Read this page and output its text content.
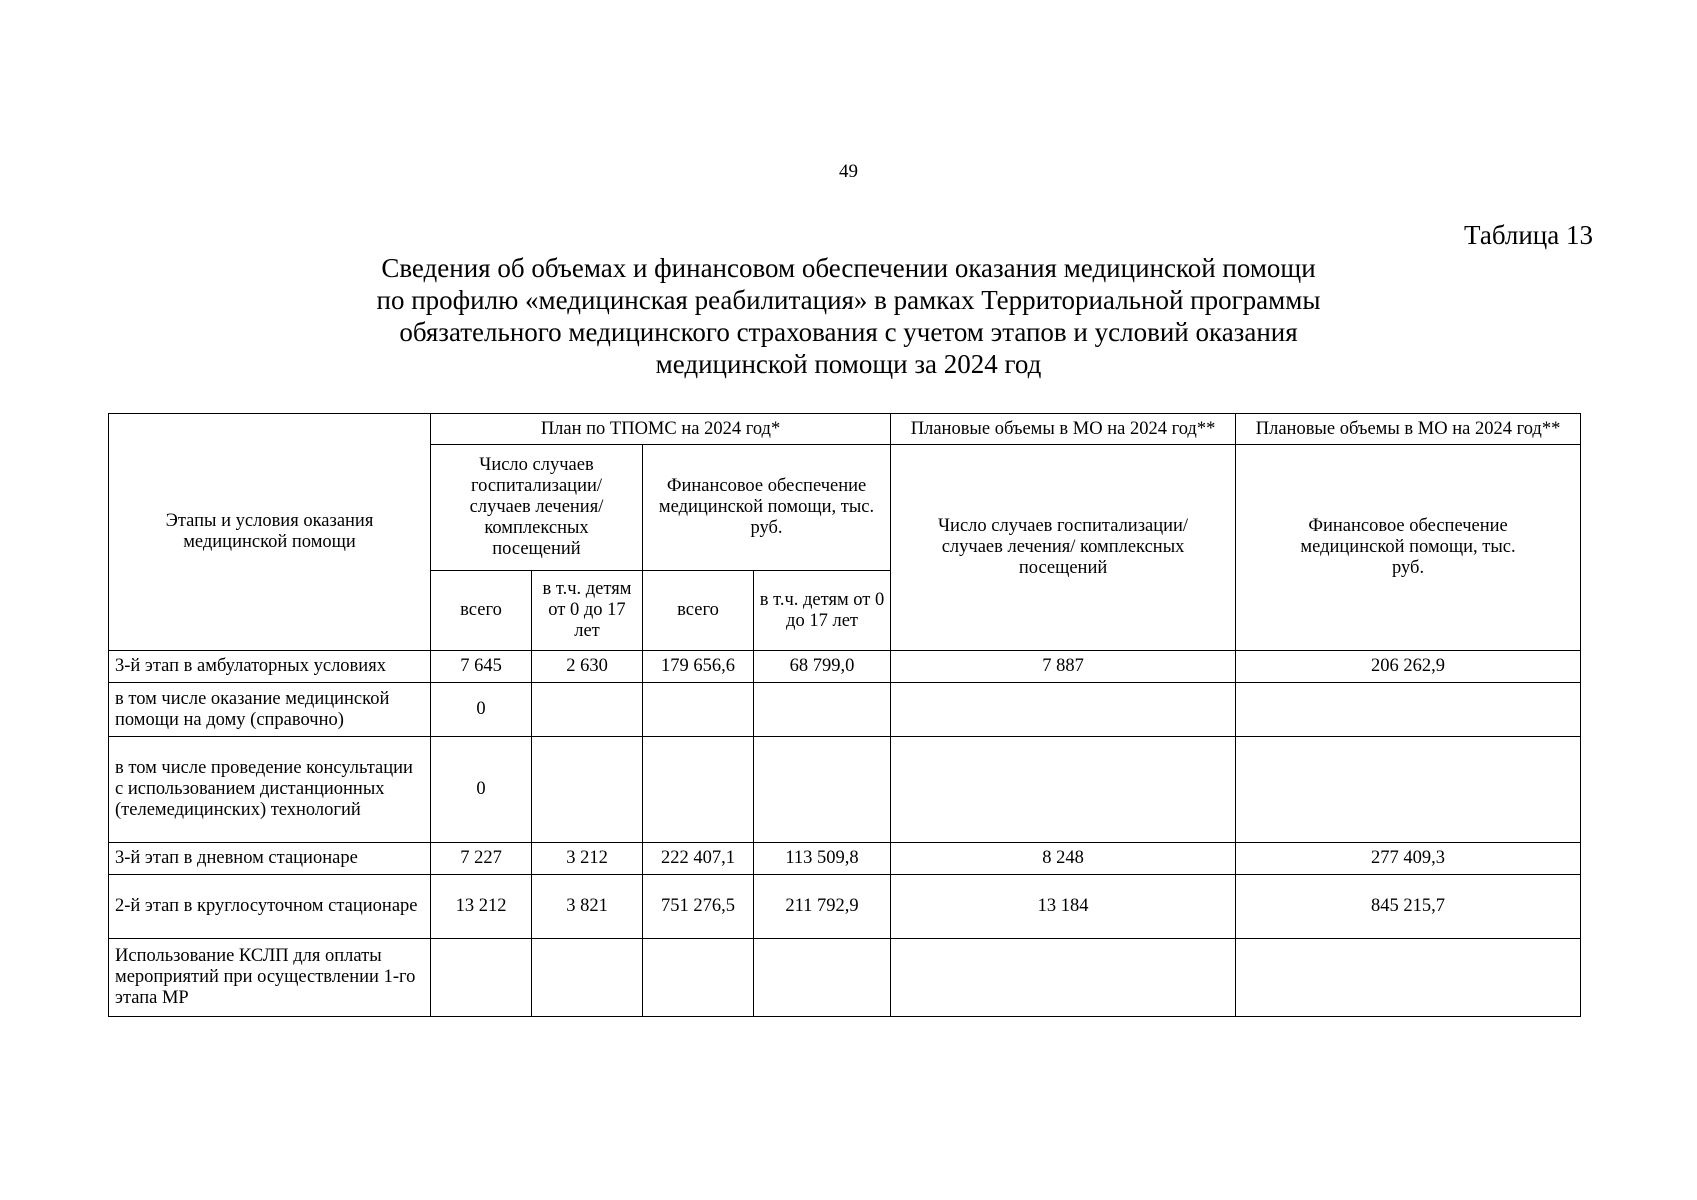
49
Таблица 13
Сведения об объемах и финансовом обеспечении оказания медицинской помощи
по профилю «медицинская реабилитация» в рамках Территориальной программы
обязательного медицинского страхования с учетом этапов и условий оказания
медицинской помощи за 2024 год
Этапы и условия оказания медицинской помощи	План по ТПОМС на 2024 год*				Плановые объемы в МО на 2024 год**	Плановые объемы в МО на 2024 год**

	Число случаев госпитализации/ случаев лечения/ комплексных посещений		Финансовое обеспечение медицинской помощи, тыс. руб.		Число случаев госпитализации/ случаев лечения/ комплексных посещений	Финансовое обеспечение медицинской помощи, тыс. руб.

	всего	в т.ч. детям от 0 до 17 лет	всего	в т.ч. детям от 0 до 17 лет		
3-й этап в амбулаторных условиях	7 645	2 630	179 656,6	68 799,0	7 887	206 262,9
в том числе оказание медицинской помощи на дому (справочно)	0					
в том числе проведение консультации с использованием дистанционных (телемедицинских) технологий	0					
3-й этап в дневном стационаре	7 227	3 212	222 407,1	113 509,8	8 248	277 409,3
2-й этап в круглосуточном стационаре	13 212	3 821	751 276,5	211 792,9	13 184	845 215,7
Использование КСЛП для оплаты мероприятий при осуществлении 1-го этапа МР						
